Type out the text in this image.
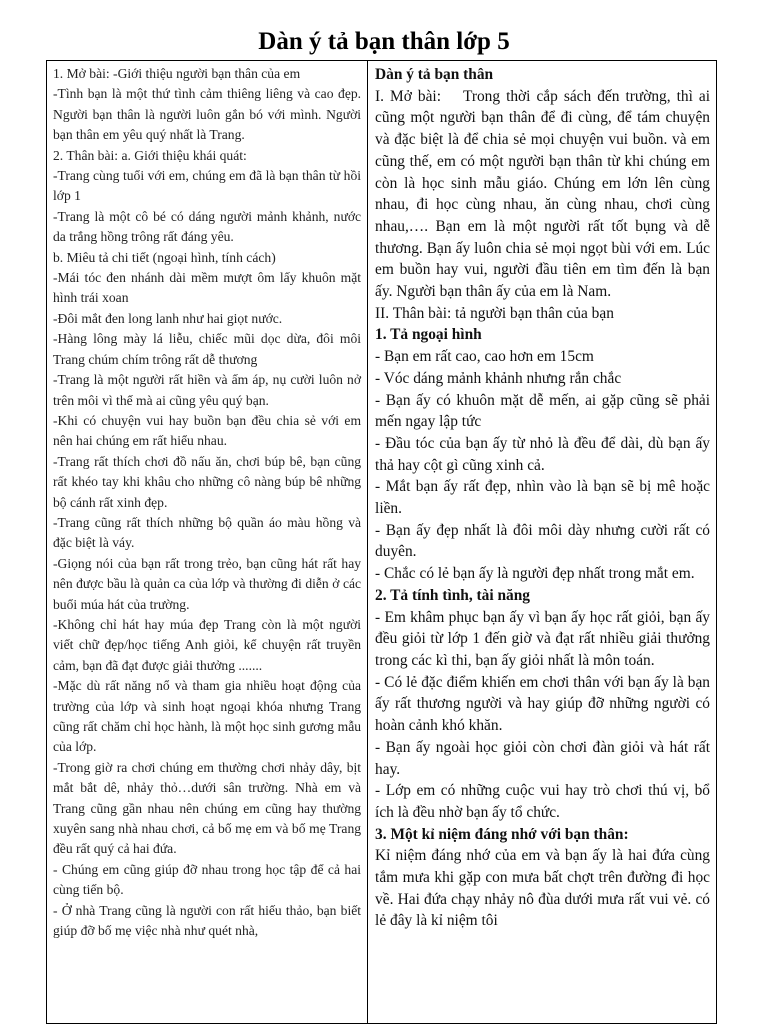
Dàn ý tả bạn thân lớp 5

1. Mở bài: -Giới thiệu người bạn thân của em

-Tình bạn là một thứ tình cảm thiêng liêng và cao đẹp. Người bạn thân là người luôn gắn bó với mình. Người bạn thân em yêu quý nhất là Trang.

2. Thân bài: a. Giới thiệu khái quát:

-Trang cùng tuổi với em, chúng em đã là bạn thân từ hồi lớp 1

-Trang là một cô bé có dáng người mảnh khảnh, nước da trắng hồng trông rất đáng yêu.

b. Miêu tả chi tiết (ngoại hình, tính cách)

-Mái tóc đen nhánh dài mềm mượt ôm lấy khuôn mặt hình trái xoan

-Đôi mắt đen long lanh như hai giọt nước.

-Hàng lông mày lá liễu, chiếc mũi dọc dừa, đôi môi Trang chúm chím trông rất dễ thương

-Trang là một người rất hiền và ấm áp, nụ cười luôn nở trên môi vì thế mà ai cũng yêu quý bạn.

-Khi có chuyện vui hay buồn bạn đều chia sẻ với em nên hai chúng em rất hiểu nhau.

-Trang rất thích chơi đồ nấu ăn, chơi búp bê, bạn cũng rất khéo tay khi khâu cho những cô nàng búp bê những bộ cánh rất xinh đẹp.

-Trang cũng rất thích những bộ quần áo màu hồng và đặc biệt là váy.

-Giọng nói của bạn rất trong trẻo, bạn cũng hát rất hay nên được bầu là quản ca của lớp và thường đi diễn ở các buổi múa hát của trường.

-Không chỉ hát hay múa đẹp Trang còn là một người viết chữ đẹp/học tiếng Anh giỏi, kể chuyện rất truyền cảm, bạn đã đạt được giải thưởng .......

-Mặc dù rất năng nổ và tham gia nhiều hoạt động của trường của lớp và sinh hoạt ngoại khóa nhưng Trang cũng rất chăm chỉ học hành, là một học sinh gương mẫu của lớp.

-Trong giờ ra chơi chúng em thường chơi nhảy dây, bịt mắt bắt dê, nhảy thỏ…dưới sân trường. Nhà em và Trang cũng gần nhau nên chúng em cũng hay thường xuyên sang nhà nhau chơi, cả bố mẹ em và bố mẹ Trang đều rất quý cả hai đứa.

- Chúng em cũng giúp đỡ nhau trong học tập để cả hai cùng tiến bộ.

- Ở nhà Trang cũng là người con rất hiếu thảo, bạn biết giúp đỡ bố mẹ việc nhà như quét nhà,

Dàn ý tả bạn thân

I. Mở bài: Trong thời cắp sách đến trường, thì ai cũng một người bạn thân để đi cùng, để tám chuyện và đặc biệt là để chia sẻ mọi chuyện vui buồn. và em cũng thế, em có một người bạn thân từ khi chúng em còn là học sinh mẫu giáo. Chúng em lớn lên cùng nhau, đi học cùng nhau, ăn cùng nhau, chơi cùng nhau,…. Bạn em là một người rất tốt bụng và dễ thương. Bạn ấy luôn chia sẻ mọi ngọt bùi với em. Lúc em buồn hay vui, người đầu tiên em tìm đến là bạn ấy. Người bạn thân ấy của em là Nam.

II. Thân bài: tả người bạn thân của bạn

1. Tả ngoại hình

- Bạn em rất cao, cao hơn em 15cm

- Vóc dáng mảnh khảnh nhưng rắn chắc

- Bạn ấy có khuôn mặt dễ mến, ai gặp cũng sẽ phải mến ngay lập tức

- Đầu tóc của bạn ấy từ nhỏ là đều để dài, dù bạn ấy thả hay cột gì cũng xinh cả.

- Mắt bạn ấy rất đẹp, nhìn vào là bạn sẽ bị mê hoặc liền.

- Bạn ấy đẹp nhất là đôi môi dày nhưng cười rất có duyên.

- Chắc có lẻ bạn ấy là người đẹp nhất trong mắt em.

2. Tả tính tình, tài năng

- Em khâm phục bạn ấy vì bạn ấy học rất giỏi, bạn ấy đều giỏi từ lớp 1 đến giờ và đạt rất nhiều giải thưởng trong các kì thi, bạn ấy giỏi nhất là môn toán.

- Có lẻ đặc điểm khiến em chơi thân với bạn ấy là bạn ấy rất thương người và hay giúp đỡ những người có hoàn cảnh khó khăn.

- Bạn ấy ngoài học giỏi còn chơi đàn giỏi và hát rất hay.

- Lớp em có những cuộc vui hay trò chơi thú vị, bổ ích là đều nhờ bạn ấy tổ chức.

3. Một kỉ niệm đáng nhớ với bạn thân:

Kỉ niệm đáng nhớ của em và bạn ấy là hai đứa cùng tắm mưa khi gặp con mưa bất chợt trên đường đi học về. Hai đứa chạy nhảy nô đùa dưới mưa rất vui vẻ. có lẻ đây là kỉ niệm tôi
